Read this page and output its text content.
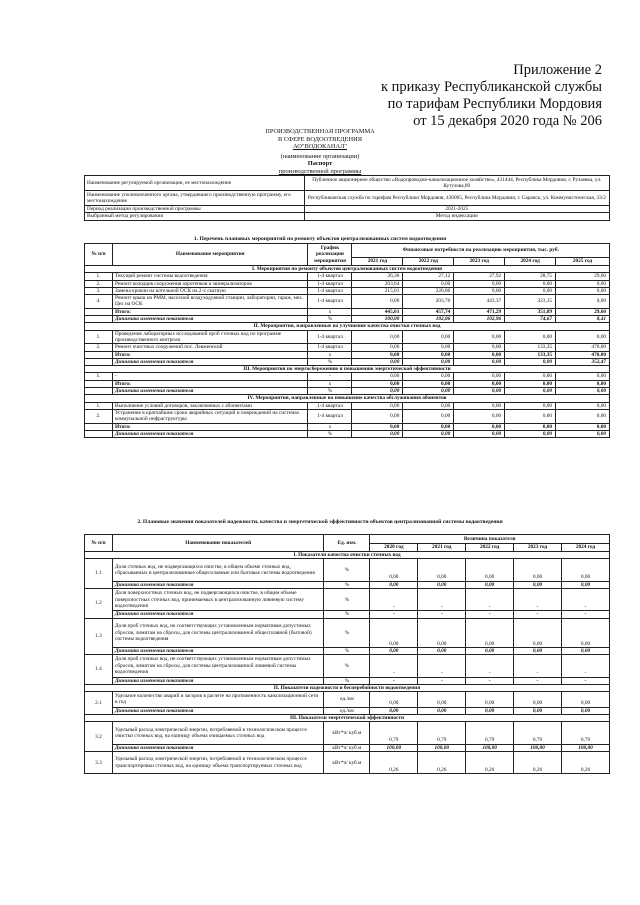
Приложение 2
к приказу Республиканской службы
по тарифам Республики Мордовия
от 15 декабря 2020 года № 206
ПРОИЗВОДСТВЕННАЯ ПРОГРАММА
В СФЕРЕ ВОДООТВЕДЕНИЯ
АО"ВОДОКАНАЛ"
(наименование организации)
Паспорт
производственной программы
Наименование регулируемой организации, ее местонахождение	Публичное акционерное общество «Водопроводно-канализационное хозяйство», 431444, Республика Мордовия, г. Рузаевка, ул. Кутузова,89
Наименование уполномоченного органа, утвердившего производственную программу, его местонахождение	Республиканская служба по тарифам Республики Мордовия, 430005, Республика Мордовия, г. Саранск, ул. Коммунистическая, 33/2
Период реализации производственной программы	2021-2025
Выбранный метод регулирования	Метод индексации
1. Перечень плановых мероприятий по ремонту объектов централизованных систем водоотведения
№ п/п	Наименование мероприятия	График реализации мероприятия	Финансовые потребности на реализацию мероприятия, тыс. руб.				
			2021 год	2022 год	2023 год	2024 год	2025 год
I. Мероприятия по ремонту объектов централизованных систем водоотведения							
1.	Текущий ремонт системы водоотведения	1-4 квартал	26,36	27,12	27,92	28,75	29,60
2.	Ремонт колодцев сооружения аэротенков и минерализаторов	1-4 квартал	203,64	0,00	0,00	0,00	0,00
3.	Замена кровли на котельной ОСК на 2-х скатную	1-4 квартал	215,01	226,86	0,00	0,00	0,00
4.	Ремонт крыш на РММ, насосной воздуходувной станции, лаборатории, гараж, мех. Цех на ОСК	1-4 квартал	0,00	203,76	443,37	323,15	0,00
	Итого:	х	445,01	457,74	471,29	351,89	29,60
	Динамика изменения показателя	%	100,00	102,86	102,96	74,67	8,41
II. Мероприятия, направленные на улучшение качества очистки сточных вод							
1.	Проведение лабораторных исследований проб сточных вод по программе производственного контроля	1-4 квартал	0,00	0,00	0,00	0,00	0,00
2.	Ремонт очистных сооружений пос. Левженский	1-4 квартал	0,00	0,00	0,00	133,35	470,00
	Итого:	х	0,00	0,00	0,00	133,35	470,00
	Динамика изменения показателя	%	0,00	0,00	0,00	0,00	352,47
III. Мероприятия по энергосбережению и повышению энергетической эффективности							
1.	-	-	0,00	0,00	0,00	0,00	0,00
	Итого:	х	0,00	0,00	0,00	0,00	0,00
	Динамика изменения показателя	%	0,00	0,00	0,00	0,00	0,00
IV. Мероприятия, направленные на повышение качества обслуживания абонентов							
1.	Выполнение условий договоров, заключенных с абонентами	1-4 квартал	0,00	0,00	0,00	0,00	0,00
2.	Устранение в кратчайшие сроки аварийных ситуаций и повреждений на системах коммунальной инфраструктуры	1-4 квартал	0,00	0,00	0,00	0,00	0,00
	Итого:	х	0,00	0,00	0,00	0,00	0,00
	Динамика изменения показателя	%	0,00	0,00	0,00	0,00	0,00
2. Плановые значения показателей надежности, качества и энергетической эффективности объектов централизованной системы водоотведения
№ п/п	Наименование показателей	Ед. изм.	Величина показателя				
			2020 год	2021 год	2022 год	2023 год	2024 год
I. Показатели качества очистки сточных вод							
1.1	Доля сточных вод, не подвергающихся очистке, в общем объеме сточных вод, сбрасываемых в централизованные общесплавные или бытовые системы водоотведения	%	0,00	0,00	0,00	0,00	0,00
	Динамика изменения показателя	%	0,00	0,00	0,00	0,00	0,00
1.2	Доля поверхностных сточных вод, не подвергающихся очистке, в общем объеме поверхностных сточных вод, принимаемых в централизованную ливневую систему водоотведения	%	-	-	-	-	-
	Динамика изменения показателя	%	-	-	-	-	-
1.3	Доля проб сточных вод, не соответствующих установленным нормативам допустимых сбросов, лимитам на сбросы, для системы централизованной общесплавной (бытовой) системы водоотведения	%	0,00	0,00	0,00	0,00	0,00
	Динамика изменения показателя	%	0,00	0,00	0,00	0,00	0,00
1.4	Доля проб сточных вод, не соответствующих установленным нормативам допустимых сбросов, лимитам на сбросы, для системы централизованной ливневой системы водоотведения	%	-	-	-	-	-
	Динамика изменения показателя	%	-	-	-	-	-
II. Показатели надежности и бесперебойности водоотведения							
2.1	Удельное количество аварий и засоров в расчете на протяженность канализационной сети в год	ед./км	0,00	0,00	0,00	0,00	0,00
	Динамика изменения показателя	ед./км	0,00	0,00	0,00	0,00	0,00
III. Показатели энергетической эффективности							
3.2	Удельный расход электрической энергии, потребляемой в технологическом процессе очистки сточных вод, на единицу объема очищаемых сточных вод	кВт*ч/ куб.м	0,79	0,79	0,79	0,79	0,79
	Динамика изменения показателя	кВт*ч/ куб.м	100,00	100,00	100,00	100,00	100,00
3.3	Удельный расход электрической энергии, потребляемой в технологическом процессе транспортировки сточных вод, на единицу объема транспортируемых сточных вод	кВт*ч/ куб.м	0,26	0,26	0,26	0,26	0,26
